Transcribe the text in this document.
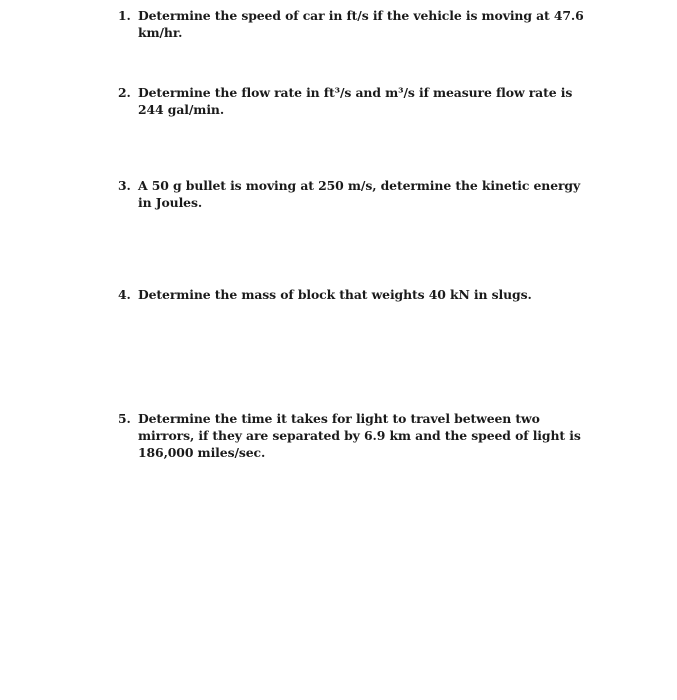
1. Determine the speed of car in ft/s if the vehicle is moving at 47.6 km/hr.
2. Determine the flow rate in ft³/s and m³/s if measure flow rate is 244 gal/min.
3. A 50 g bullet is moving at 250 m/s, determine the kinetic energy in Joules.
4. Determine the mass of block that weights 40 kN in slugs.
5. Determine the time it takes for light to travel between two mirrors, if they are separated by 6.9 km and the speed of light is 186,000 miles/sec.
